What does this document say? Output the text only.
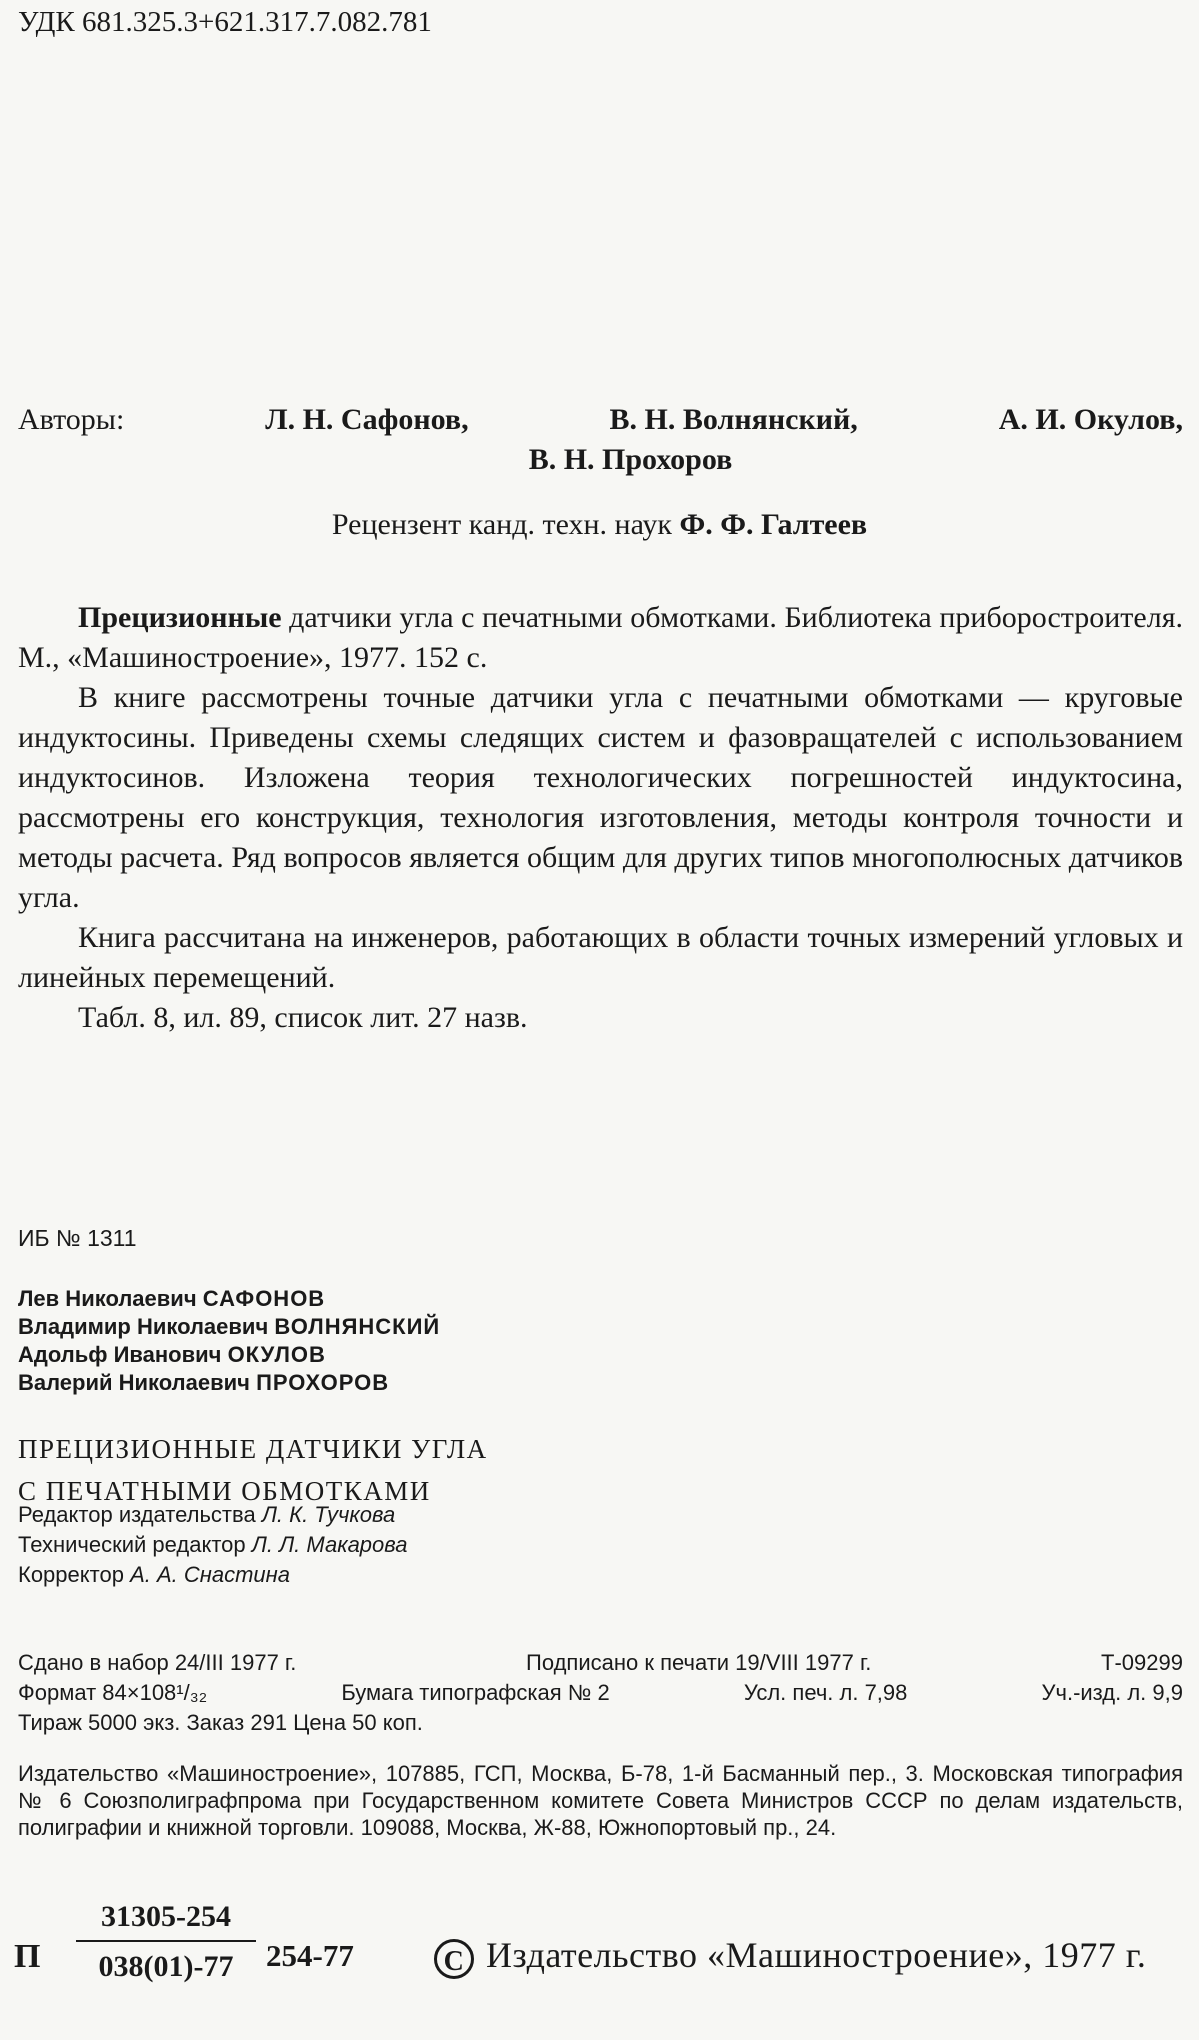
УДК 681.325.3+621.317.7.082.781
Авторы:	Л. Н. Сафонов,	В. Н. Волнянский,	А. И. Окулов,
В. Н. Прохоров
Рецензент канд. техн. наук Ф. Ф. Галтеев

Прецизионные датчики угла с печатными обмотками. Библиотека приборостроителя. М., «Машиностроение», 1977. 152 с.

В книге рассмотрены точные датчики угла с печатными обмотками — круговые индуктосины. Приведены схемы следящих систем и фазовращателей с использованием индуктосинов. Изложена теория технологических погрешностей индуктосина, рассмотрены его конструкция, технология изготовления, методы контроля точности и методы расчета. Ряд вопросов является общим для других типов многополюсных датчиков угла.

Книга рассчитана на инженеров, работающих в области точных измерений угловых и линейных перемещений.

Табл. 8, ил. 89, список лит. 27 назв.

ИБ № 1311
Лев Николаевич САФОНОВ
Владимир Николаевич ВОЛНЯНСКИЙ
Адольф Иванович ОКУЛОВ
Валерий Николаевич ПРОХОРОВ
ПРЕЦИЗИОННЫЕ ДАТЧИКИ УГЛА
С ПЕЧАТНЫМИ ОБМОТКАМИ
Редактор издательства Л. К. Тучкова
Технический редактор Л. Л. Макарова
Корректор А. А. Снастина
Сдано в набор 24/III 1977 г.	Подписано к печати 19/VIII 1977 г.	Т-09299
Формат 84×108¹/₃₂	Бумага типографская № 2	Усл. печ. л. 7,98	Уч.-изд. л. 9,9
Тираж 5000 экз. Заказ 291 Цена 50 коп.
Издательство «Машиностроение», 107885, ГСП, Москва, Б-78, 1-й Басманный пер., 3. Московская типография № 6 Союзполиграфпрома при Государственном комитете Совета Министров СССР по делам издательств, полиграфии и книжной торговли. 109088, Москва, Ж-88, Южнопортовый пр., 24.
П $\frac{31305-254}{038(01)-77} 254-77$	C Издательство «Машиностроение», 1977 г.
